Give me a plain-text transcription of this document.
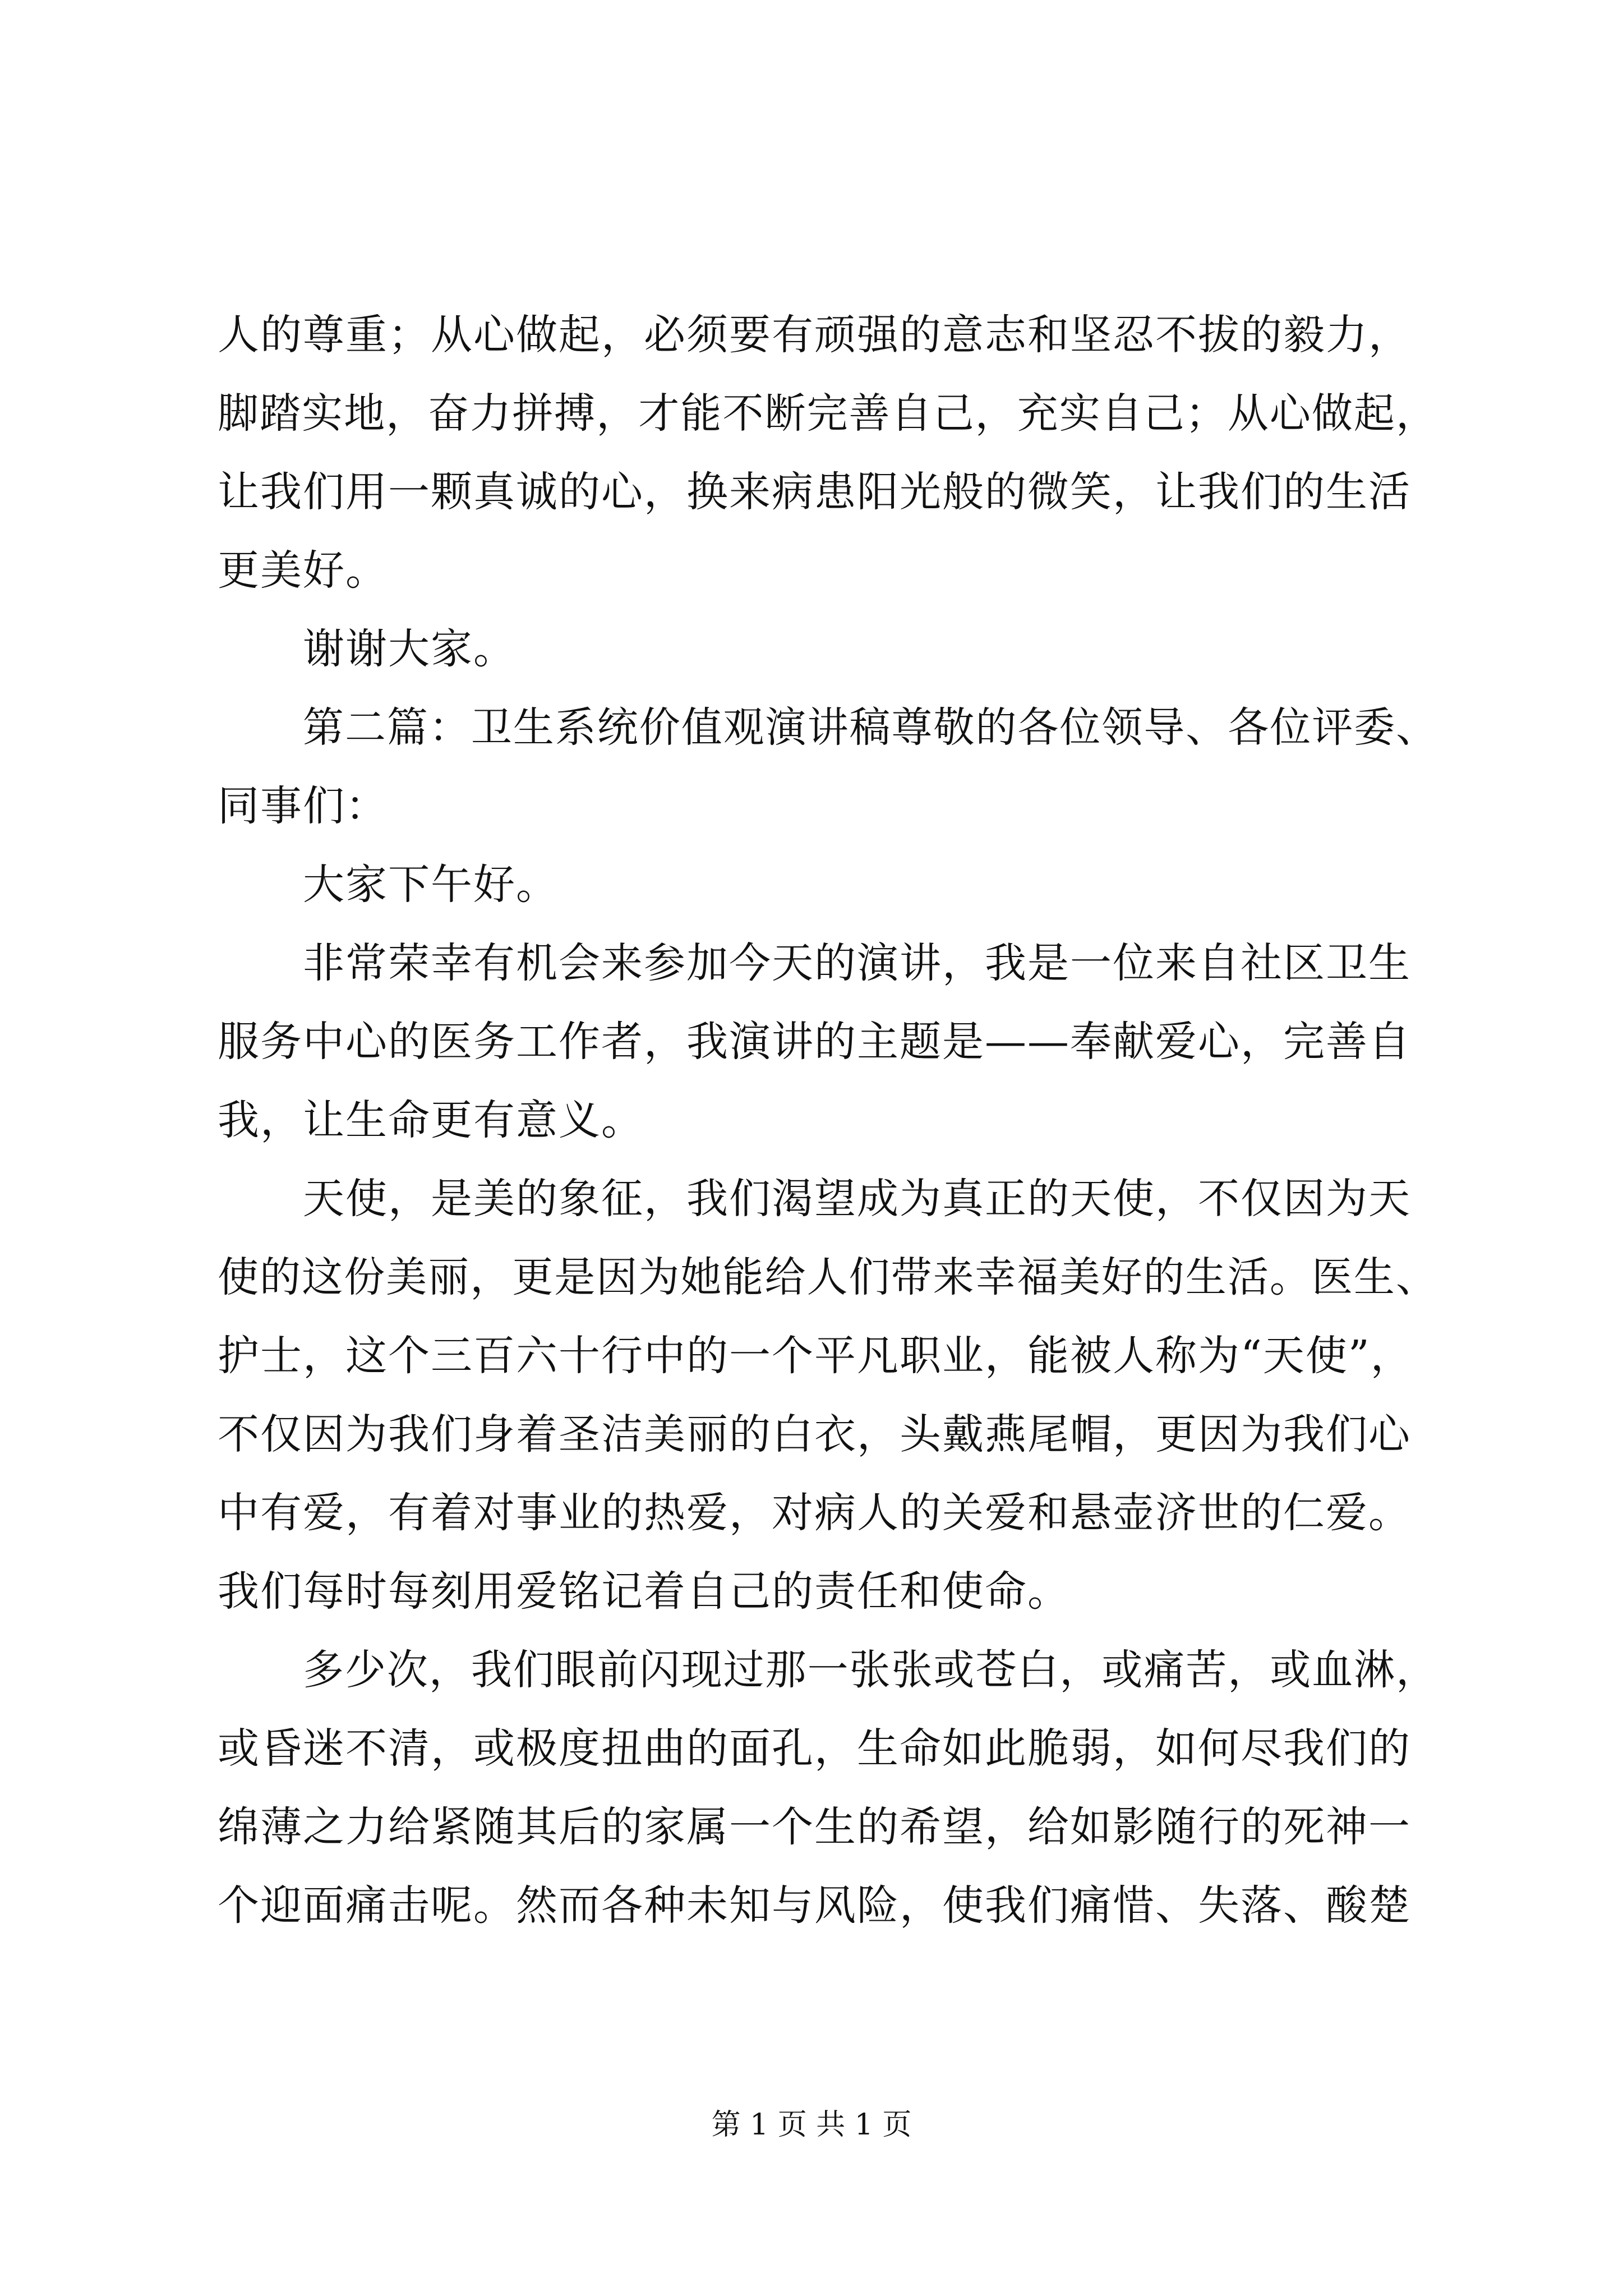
人的尊重；从心做起，必须要有顽强的意志和坚忍不拔的毅力，
脚踏实地，奋力拼搏，才能不断完善自己，充实自己；从心做起，
让我们用一颗真诚的心，换来病患阳光般的微笑，让我们的生活
更美好。
谢谢大家。
第二篇：卫生系统价值观演讲稿尊敬的各位领导、各位评委、
同事们：
大家下午好。
非常荣幸有机会来参加今天的演讲，我是一位来自社区卫生
服务中心的医务工作者，我演讲的主题是——奉献爱心，完善自
我，让生命更有意义。
天使，是美的象征，我们渴望成为真正的天使，不仅因为天
使的这份美丽，更是因为她能给人们带来幸福美好的生活。医生、
护士，这个三百六十行中的一个平凡职业，能被人称为“天使”，
不仅因为我们身着圣洁美丽的白衣，头戴燕尾帽，更因为我们心
中有爱，有着对事业的热爱，对病人的关爱和悬壶济世的仁爱。
我们每时每刻用爱铭记着自己的责任和使命。
多少次，我们眼前闪现过那一张张或苍白，或痛苦，或血淋，
或昏迷不清，或极度扭曲的面孔，生命如此脆弱，如何尽我们的
绵薄之力给紧随其后的家属一个生的希望，给如影随行的死神一
个迎面痛击呢。然而各种未知与风险，使我们痛惜、失落、酸楚
第 1 页 共 1 页
